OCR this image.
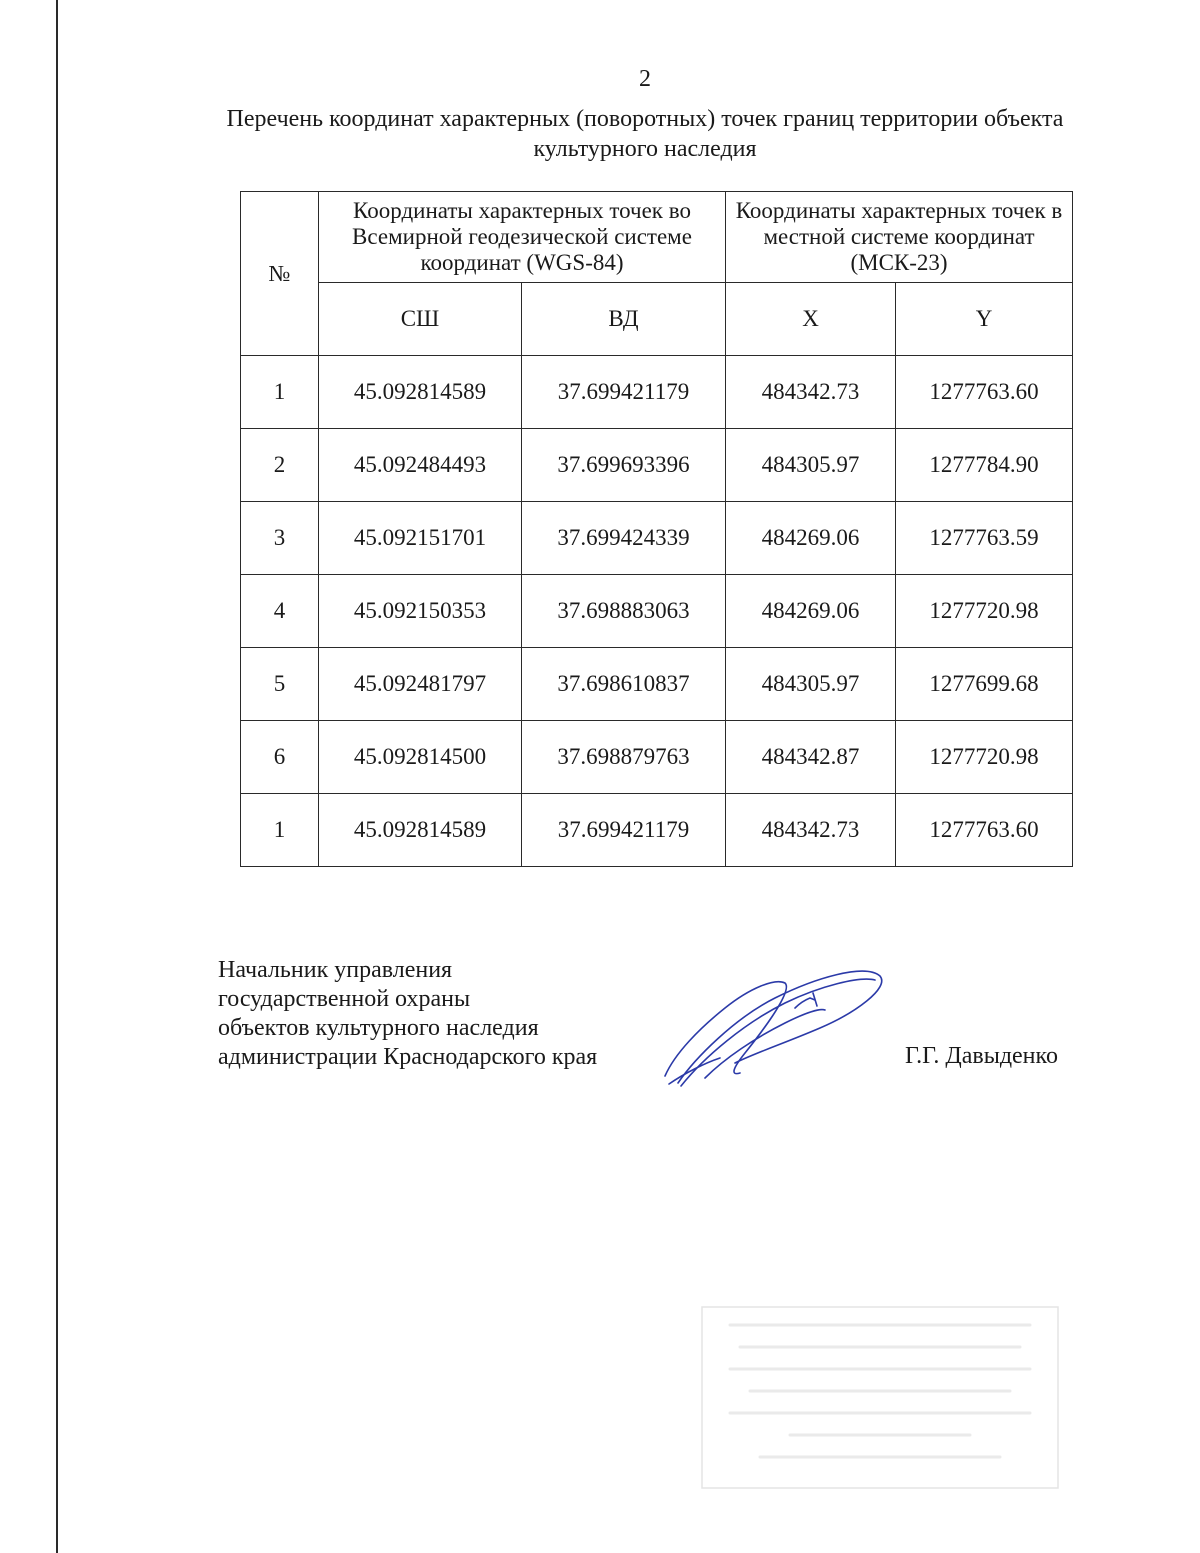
2
Перечень координат характерных (поворотных) точек границ территории объекта культурного наследия
№	Координаты характерных точек во Всемирной геодезической системе координат (WGS-84)		Координаты характерных точек в местной системе координат (МСК-23)	
	СШ	ВД	X	Y
1	45.092814589	37.699421179	484342.73	1277763.60
2	45.092484493	37.699693396	484305.97	1277784.90
3	45.092151701	37.699424339	484269.06	1277763.59
4	45.092150353	37.698883063	484269.06	1277720.98
5	45.092481797	37.698610837	484305.97	1277699.68
6	45.092814500	37.698879763	484342.87	1277720.98
1	45.092814589	37.699421179	484342.73	1277763.60
Начальник управления
государственной охраны
объектов культурного наследия
администрации Краснодарского края	Г.Г. Давыденко
